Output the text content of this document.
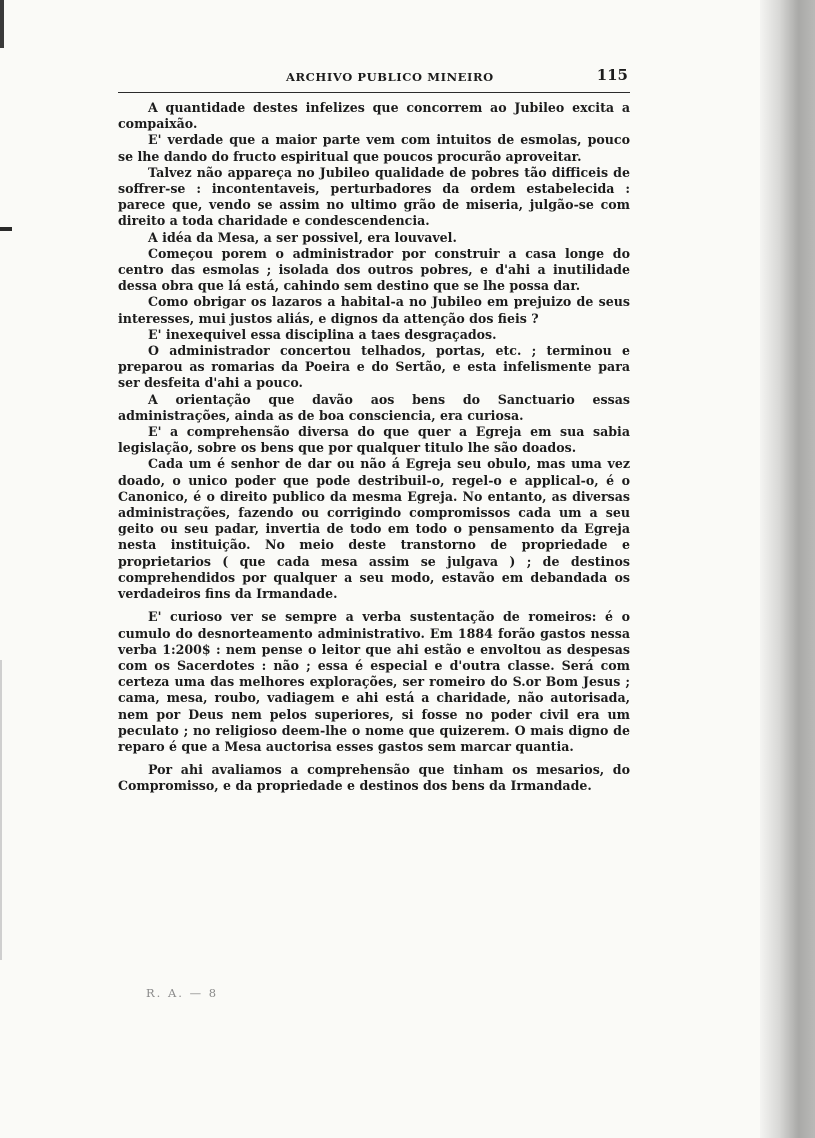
ARCHIVO PUBLICO MINEIRO	115

A quantidade destes infelizes que concorrem ao Jubileo excita a compaixão.

E' verdade que a maior parte vem com intuitos de esmolas, pouco se lhe dando do fructo espiritual que poucos procurão aproveitar.

Talvez não appareça no Jubileo qualidade de pobres tão difficeis de soffrer-se : incontentaveis, perturbadores da ordem estabelecida : parece que, vendo se assim no ultimo grão de miseria, julgão-se com direito a toda charidade e condescendencia.

A idéa da Mesa, a ser possivel, era louvavel.

Começou porem o administrador por construir a casa longe do centro das esmolas ; isolada dos outros pobres, e d'ahi a inutilidade dessa obra que lá está, cahindo sem destino que se lhe possa dar.

Como obrigar os lazaros a habital-a no Jubileo em prejuizo de seus interesses, mui justos aliás, e dignos da attenção dos fieis ?

E' inexequivel essa disciplina a taes desgraçados.

O administrador concertou telhados, portas, etc. ; terminou e preparou as romarias da Poeira e do Sertão, e esta infelismente para ser desfeita d'ahi a pouco.

A orientação que davão aos bens do Sanctuario essas administrações, ainda as de boa consciencia, era curiosa.

E' a comprehensão diversa do que quer a Egreja em sua sabia legislação, sobre os bens que por qualquer titulo lhe são doados.

Cada um é senhor de dar ou não á Egreja seu obulo, mas uma vez doado, o unico poder que pode destribuil-o, regel-o e applical-o, é o Canonico, é o direito publico da mesma Egreja. No entanto, as diversas administrações, fazendo ou corrigindo compromissos cada um a seu geito ou seu padar, invertia de todo em todo o pensamento da Egreja nesta instituição. No meio deste transtorno de propriedade e proprietarios ( que cada mesa assim se julgava ) ; de destinos comprehendidos por qualquer a seu modo, estavão em debandada os verdadeiros fins da Irmandade.

E' curioso ver se sempre a verba sustentação de romeiros: é o cumulo do desnorteamento administrativo. Em 1884 forão gastos nessa verba 1:200$ : nem pense o leitor que ahi estão e envoltou as despesas com os Sacerdotes : não ; essa é especial e d'outra classe. Será com certeza uma das melhores explorações, ser romeiro do S.or Bom Jesus ; cama, mesa, roubo, vadiagem e ahi está a charidade, não autorisada, nem por Deus nem pelos superiores, si fosse no poder civil era um peculato ; no religioso deem-lhe o nome que quizerem. O mais digno de reparo é que a Mesa auctorisa esses gastos sem marcar quantia.

Por ahi avaliamos a comprehensão que tinham os mesarios, do Compromisso, e da propriedade e destinos dos bens da Irmandade.

R. A. — 8
